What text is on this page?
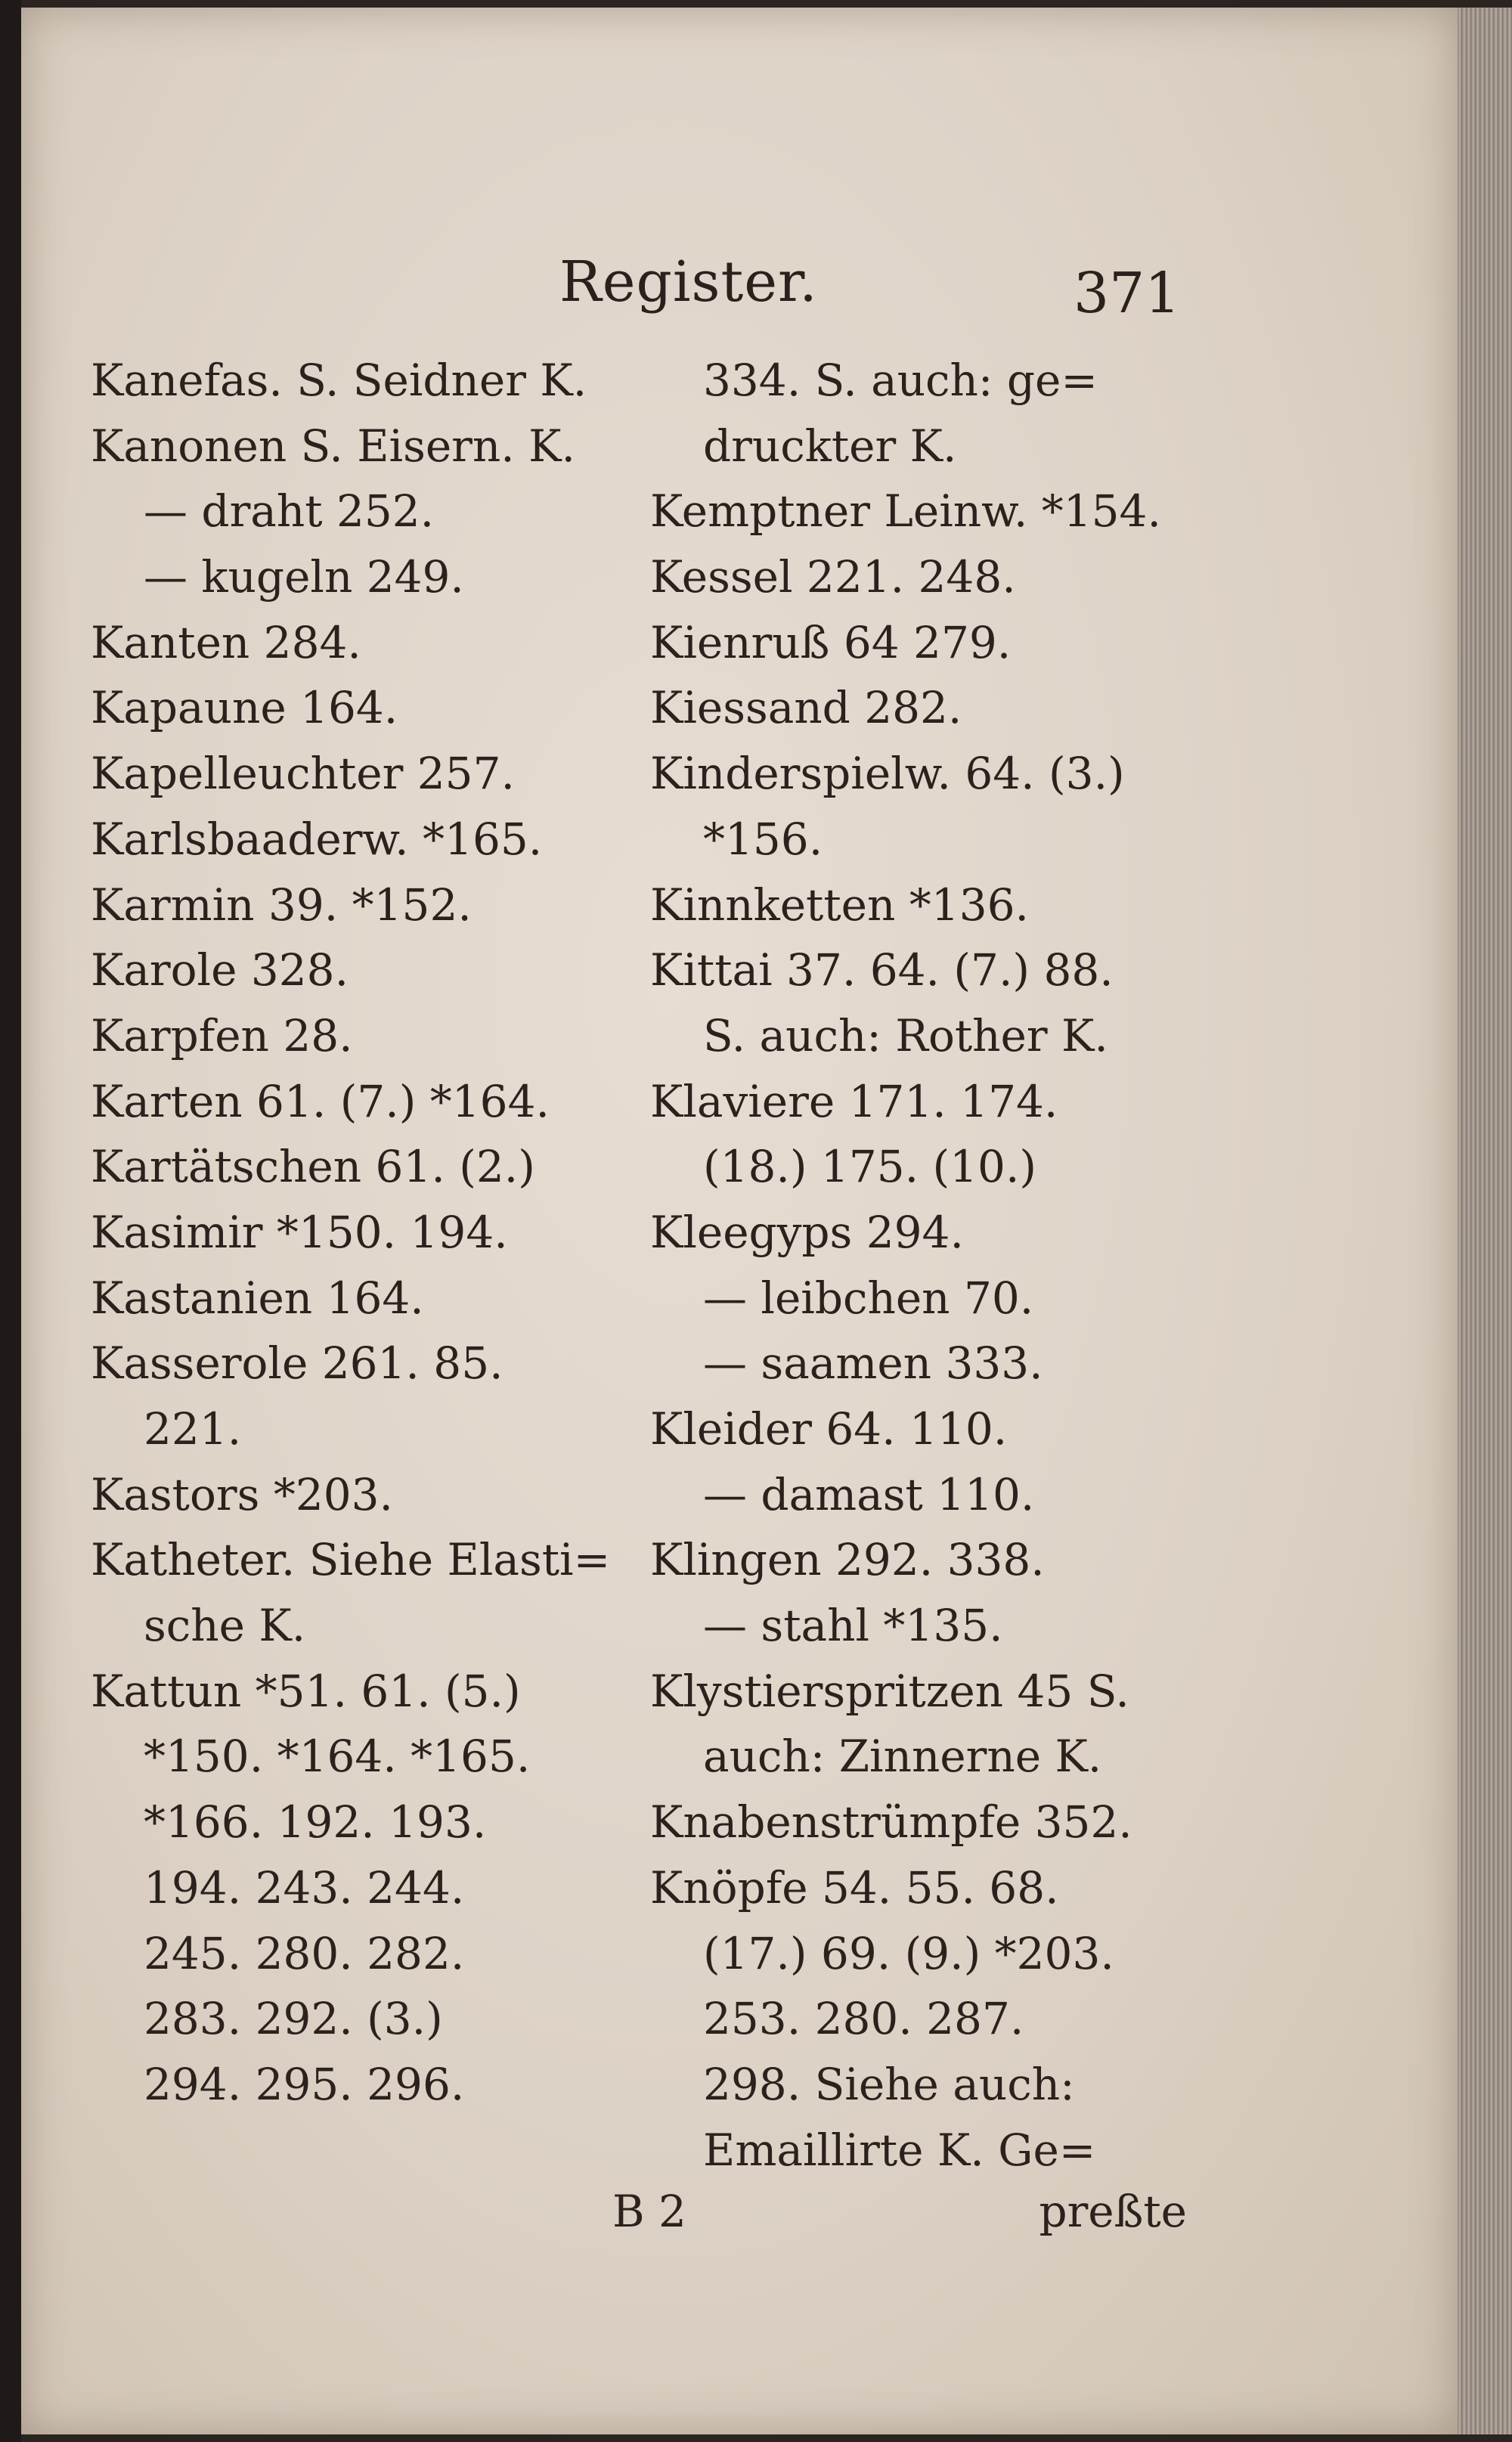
Register.	371
Kanefas. S. Seidner K.
Kanonen S. Eisern. K.
— draht 252.
— kugeln 249.
Kanten 284.
Kapaune 164.
Kapelleuchter 257.
Karlsbaaderw. *165.
Karmin 39. *152.
Karole 328.
Karpfen 28.
Karten 61. (7.) *164.
Kartätschen 61. (2.)
Kasimir *150. 194.
Kastanien 164.
Kasserole 261. 85.
221.
Kastors *203.
Katheter. Siehe Elasti=
sche K.
Kattun *51. 61. (5.)
*150. *164. *165.
*166. 192. 193.
194. 243. 244.
245. 280. 282.
283. 292. (3.)
294. 295. 296.
334. S. auch: ge=
druckter K.
Kemptner Leinw. *154.
Kessel 221. 248.
Kienruß 64 279.
Kiessand 282.
Kinderspielw. 64. (3.)
*156.
Kinnketten *136.
Kittai 37. 64. (7.) 88.
S. auch: Rother K.
Klaviere 171. 174.
(18.) 175. (10.)
Kleegyps 294.
— leibchen 70.
— saamen 333.
Kleider 64. 110.
— damast 110.
Klingen 292. 338.
— stahl *135.
Klystierspritzen 45 S.
auch: Zinnerne K.
Knabenstrümpfe 352.
Knöpfe 54. 55. 68.
(17.) 69. (9.) *203.
253. 280. 287.
298. Siehe auch:
Emaillirte K. Ge=
B 2	preßte
